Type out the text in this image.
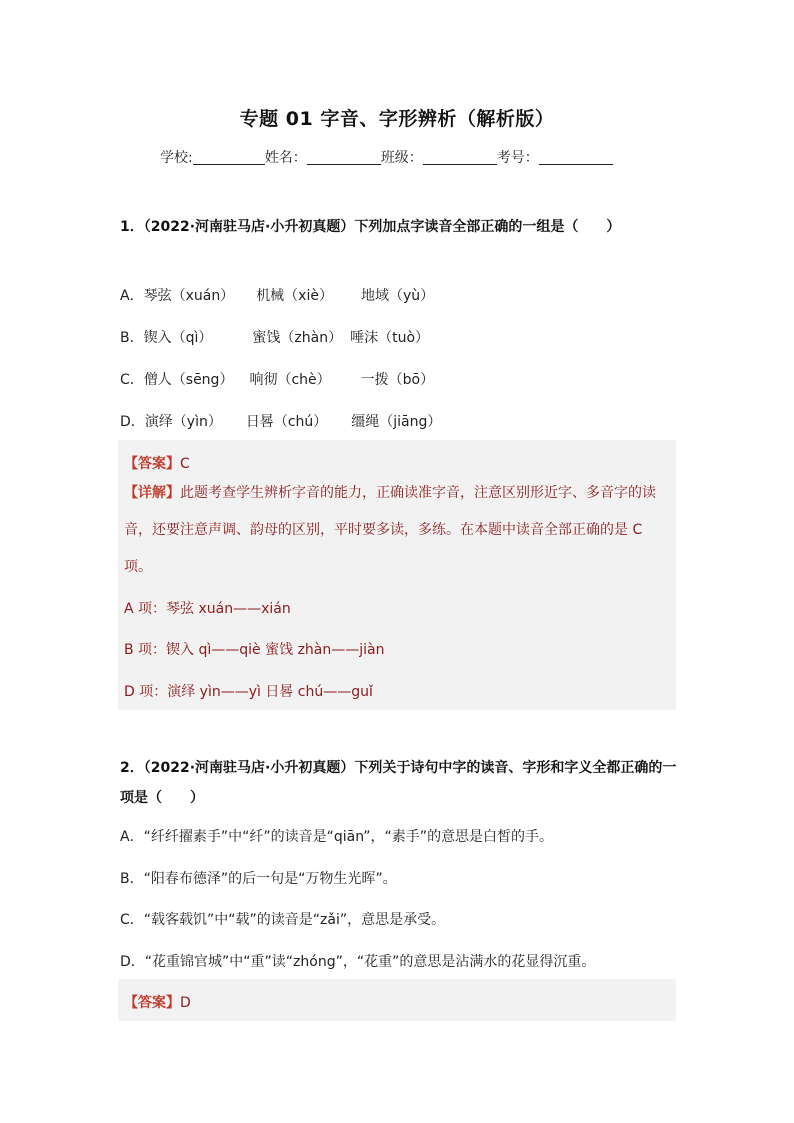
专题 01 字音、字形辨析（解析版）
学校:	姓名：	班级：	考号：
1．（2022·河南驻马店·小升初真题）下列加点字读音全部正确的一组是（　　）
A．琴弦（xuán） 机械（xiè） 地域（yù）
B．锲入（qì）	蜜饯（zhàn） 唾沫（tuò）
C．僧人（sēng） 响彻（chè） 一拨（bō）
D．演绎（yìn） 日晷（chú） 缰绳（jiāng）
【答案】C
【详解】此题考查学生辨析字音的能力，正确读准字音，注意区别形近字、多音字的读音，还要注意声调、韵母的区别，平时要多读，多练。在本题中读音全部正确的是 C 项。
A 项：琴弦 xuán——xián
B 项：锲入 qì——qiè 蜜饯 zhàn——jiàn
D 项：演绎 yìn——yì 日晷 chú——guǐ
2．（2022·河南驻马店·小升初真题）下列关于诗句中字的读音、字形和字义全都正确的一项是（　　）
A．“纤纤擢素手”中“纤”的读音是“qiān”，“素手”的意思是白皙的手。
B．“阳春布德泽”的后一句是“万物生光晖”。
C．“载客载饥”中“载”的读音是“zǎi”，意思是承受。
D．“花重锦官城”中“重”读“zhóng”，“花重”的意思是沾满水的花显得沉重。
【答案】D
